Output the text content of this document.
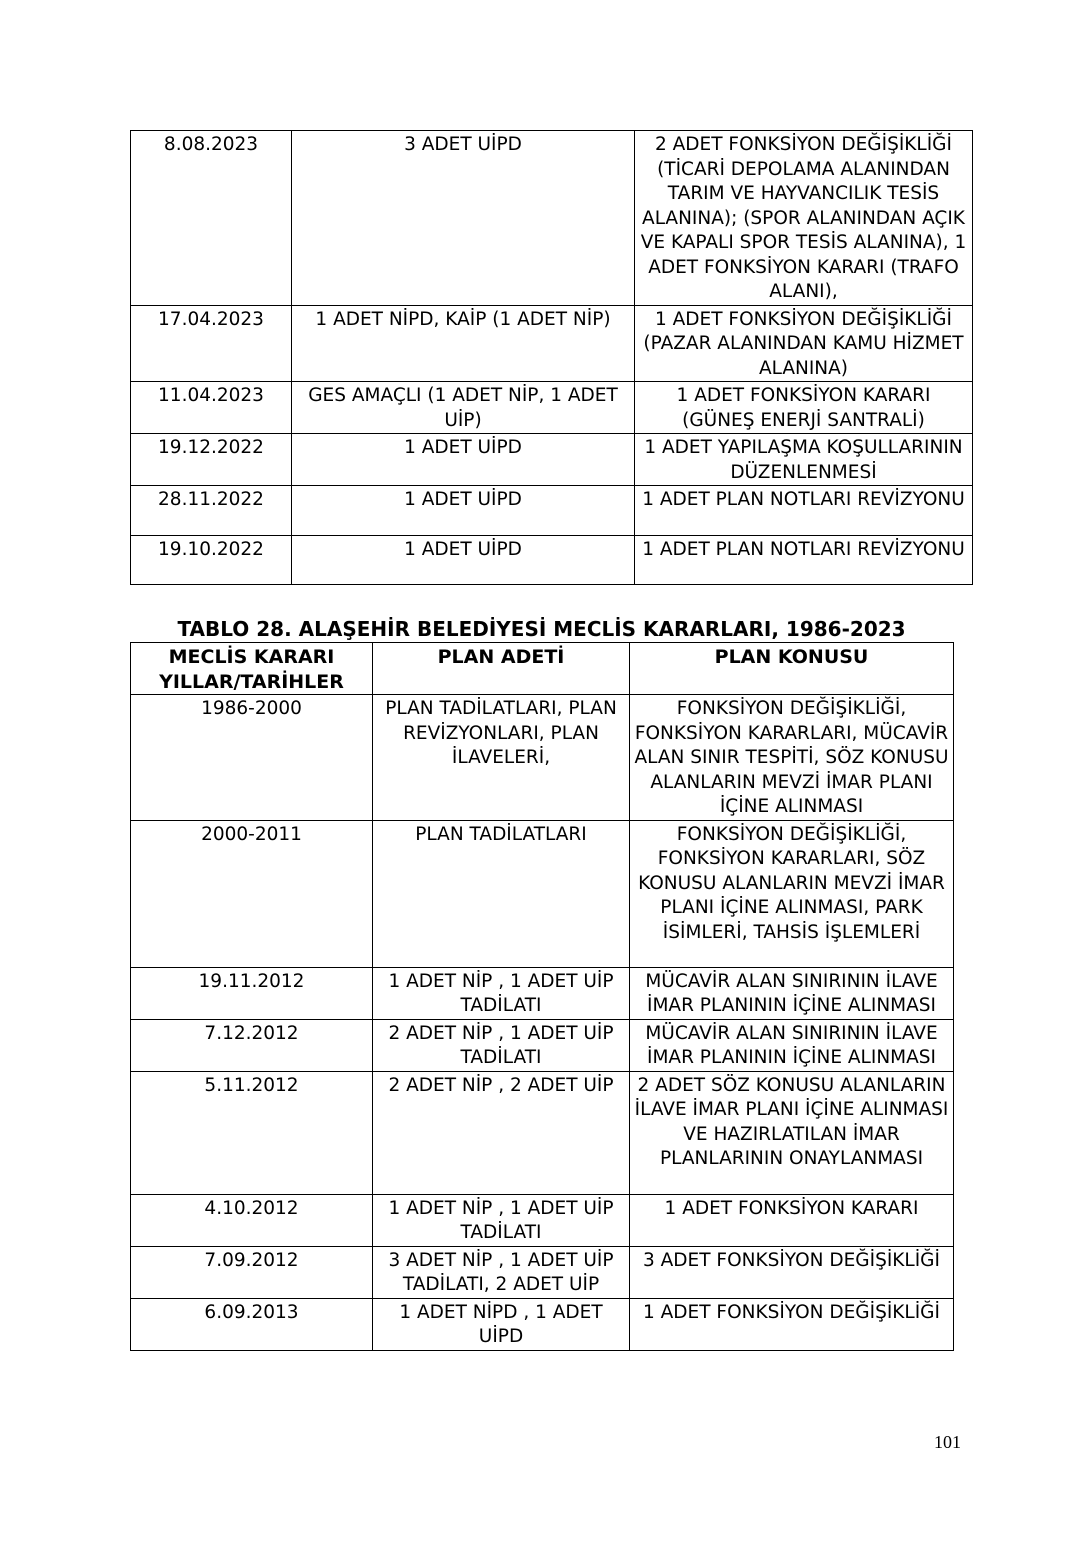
8.08.2023	3 ADET UİPD	2 ADET FONKSİYON DEĞİŞİKLİĞİ (TİCARİ DEPOLAMA ALANINDAN TARIM VE HAYVANCILIK TESİS ALANINA); (SPOR ALANINDAN AÇIK VE KAPALI SPOR TESİS ALANINA), 1 ADET FONKSİYON KARARI (TRAFO ALANI),
17.04.2023	1 ADET NİPD, KAİP (1 ADET NİP)	1 ADET FONKSİYON DEĞİŞİKLİĞİ (PAZAR ALANINDAN KAMU HİZMET ALANINA)
11.04.2023	GES AMAÇLI (1 ADET NİP, 1 ADET UİP)	1 ADET FONKSİYON KARARI (GÜNEŞ ENERJİ SANTRALİ)
19.12.2022	1 ADET UİPD	1 ADET YAPILAŞMA KOŞULLARININ DÜZENLENMESİ
28.11.2022	1 ADET UİPD	1 ADET PLAN NOTLARI REVİZYONU
19.10.2022	1 ADET UİPD	1 ADET PLAN NOTLARI REVİZYONU
TABLO 28. ALAŞEHİR BELEDİYESİ MECLİS KARARLARI, 1986-2023
MECLİS KARARI YILLAR/TARİHLER	PLAN ADETİ	PLAN KONUSU
1986-2000	PLAN TADİLATLARI, PLAN REVİZYONLARI, PLAN İLAVELERİ,	FONKSİYON DEĞİŞİKLİĞİ, FONKSİYON KARARLARI, MÜCAVİR ALAN SINIR TESPİTİ, SÖZ KONUSU ALANLARIN MEVZİ İMAR PLANI İÇİNE ALINMASI
2000-2011	PLAN TADİLATLARI	FONKSİYON DEĞİŞİKLİĞİ, FONKSİYON KARARLARI, SÖZ KONUSU ALANLARIN MEVZİ İMAR PLANI İÇİNE ALINMASI, PARK İSİMLERİ, TAHSİS İŞLEMLERİ
19.11.2012	1 ADET NİP , 1 ADET UİP TADİLATI	MÜCAVİR ALAN SINIRININ İLAVE İMAR PLANININ İÇİNE ALINMASI
7.12.2012	2 ADET NİP , 1 ADET UİP TADİLATI	MÜCAVİR ALAN SINIRININ İLAVE İMAR PLANININ İÇİNE ALINMASI
5.11.2012	2 ADET NİP , 2 ADET UİP	2 ADET SÖZ KONUSU ALANLARIN İLAVE İMAR PLANI İÇİNE ALINMASI VE HAZIRLATILAN İMAR PLANLARININ ONAYLANMASI
4.10.2012	1 ADET NİP , 1 ADET UİP TADİLATI	1 ADET FONKSİYON KARARI
7.09.2012	3 ADET NİP , 1 ADET UİP TADİLATI, 2 ADET UİP	3 ADET FONKSİYON DEĞİŞİKLİĞİ
6.09.2013	1 ADET NİPD , 1 ADET UİPD	1 ADET FONKSİYON DEĞİŞİKLİĞİ
101
